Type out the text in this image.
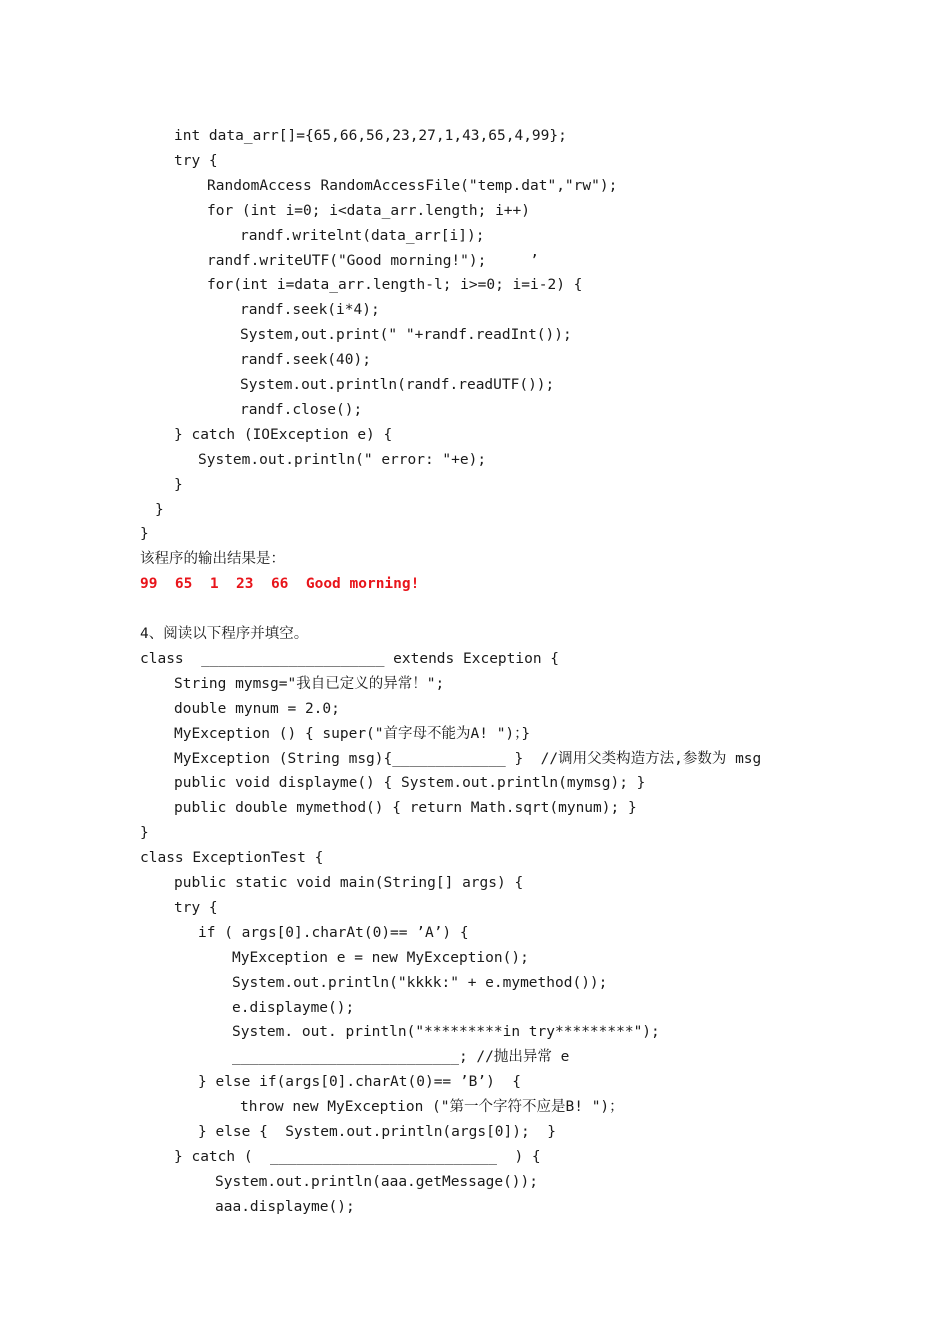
int data_arr[]={65,66,56,23,27,1,43,65,4,99};
try {
RandomAccess RandomAccessFile("temp.dat","rw");
for (int i=0; i<data_arr.length; i++)
randf.writelnt(data_arr[i]);
randf.writeUTF("Good morning!");     ’
for(int i=data_arr.length-l; i>=0; i=i-2) {
randf.seek(i*4);
System,out.print(" "+randf.readInt());
randf.seek(40);
System.out.println(randf.readUTF());
randf.close();
} catch (IOException e) {
System.out.println(" error: "+e);
}
}
}
该程序的输出结果是：
99  65  1  23  66  Good morning!
4、阅读以下程序并填空。
class  _____________________ extends Exception {
String mymsg="我自已定义的异常！";
double mynum = 2.0;
MyException () { super("首字母不能为A! ")；}
MyException (String msg){_____________ }  //调用父类构造方法,参数为 msg
public void displayme() { System.out.println(mymsg); }
public double mymethod() { return Math.sqrt(mynum); }
}
class ExceptionTest {
public static void main(String[] args) {
try {
if ( args[0].charAt(0)== ’A’) {
MyException e = new MyException();
System.out.println("kkkk:" + e.mymethod());
e.displayme();
System. out. println("*********in try*********");
__________________________; //抛出异常 e
} else if(args[0].charAt(0)== ’B’)  {
throw new MyException ("第一个字符不应是B! ")；
} else {  System.out.println(args[0]);  }
} catch (  __________________________  ) {
System.out.println(aaa.getMessage());
aaa.displayme();
